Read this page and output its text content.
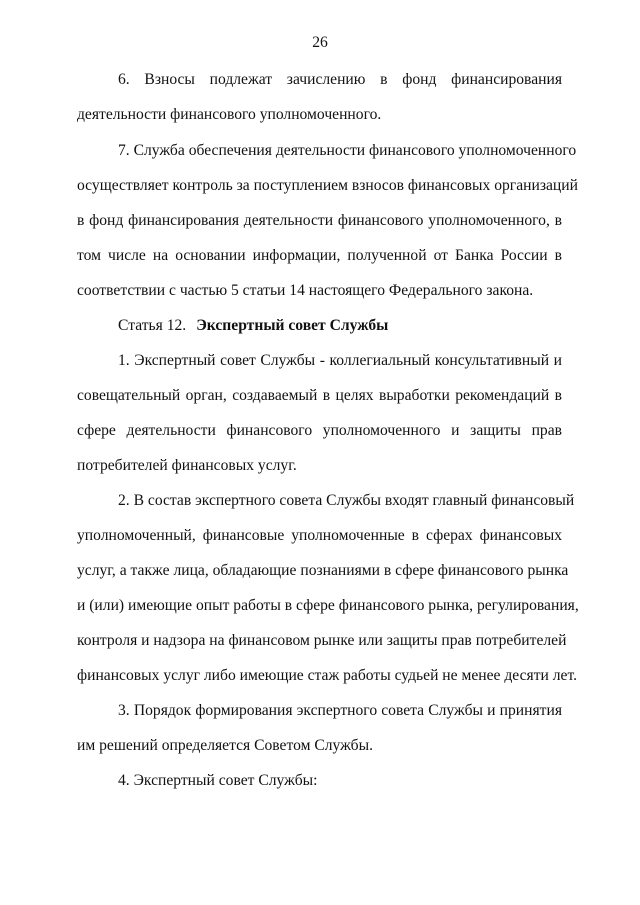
26
6. Взносы подлежат зачислению в фонд финансирования
деятельности финансового уполномоченного.
7. Служба обеспечения деятельности финансового уполномоченного
осуществляет контроль за поступлением взносов финансовых организаций
в фонд финансирования деятельности финансового уполномоченного, в
том числе на основании информации, полученной от Банка России в
соответствии с частью 5 статьи 14 настоящего Федерального закона.
Статья 12. Экспертный совет Службы
1. Экспертный совет Службы - коллегиальный консультативный и
совещательный орган, создаваемый в целях выработки рекомендаций в
сфере деятельности финансового уполномоченного и защиты прав
потребителей финансовых услуг.
2. В состав экспертного совета Службы входят главный финансовый
уполномоченный, финансовые уполномоченные в сферах финансовых
услуг, а также лица, обладающие познаниями в сфере финансового рынка
и (или) имеющие опыт работы в сфере финансового рынка, регулирования,
контроля и надзора на финансовом рынке или защиты прав потребителей
финансовых услуг либо имеющие стаж работы судьей не менее десяти лет.
3. Порядок формирования экспертного совета Службы и принятия
им решений определяется Советом Службы.
4. Экспертный совет Службы:
